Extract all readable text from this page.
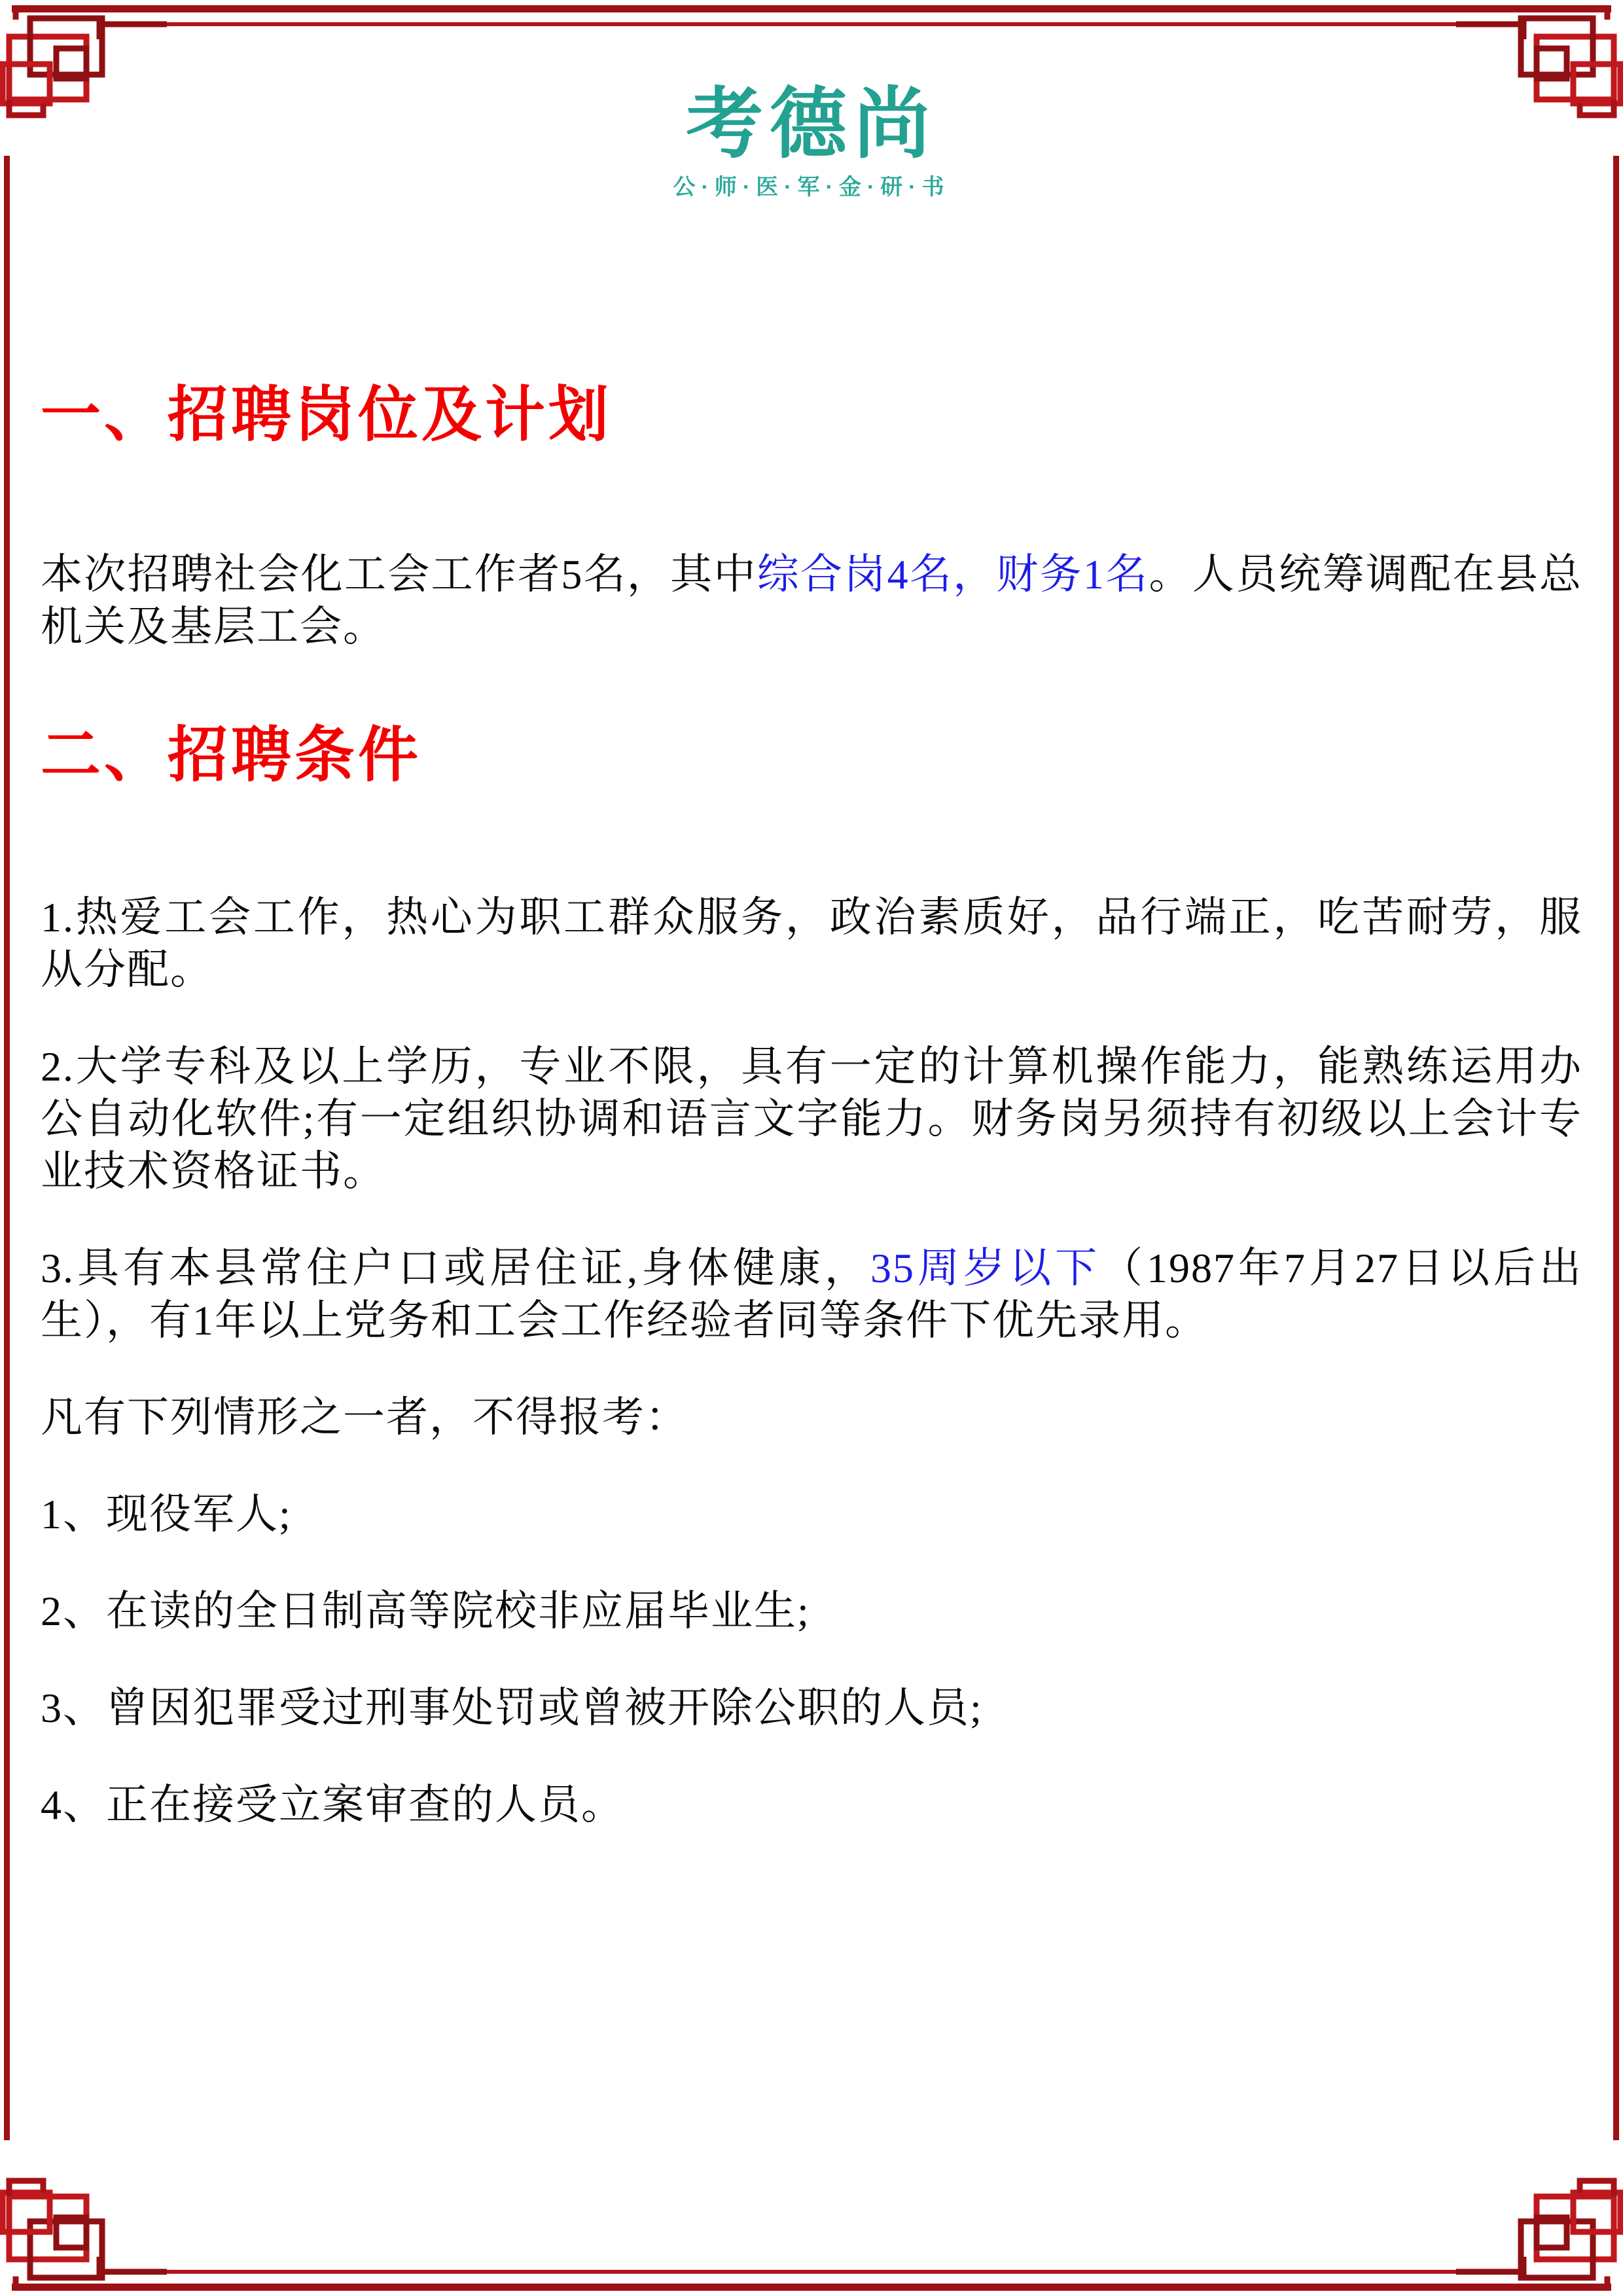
考德尚
公·师·医·军·金·研·书
一、招聘岗位及计划

本次招聘社会化工会工作者5名，其中综合岗4名，财务1名。人员统筹调配在县总机关及基层工会。

二、招聘条件

1.热爱工会工作，热心为职工群众服务，政治素质好，品行端正，吃苦耐劳，服从分配。

2.大学专科及以上学历，专业不限，具有一定的计算机操作能力，能熟练运用办公自动化软件;有一定组织协调和语言文字能力。财务岗另须持有初级以上会计专业技术资格证书。

3.具有本县常住户口或居住证,身体健康，35周岁以下（1987年7月27日以后出生），有1年以上党务和工会工作经验者同等条件下优先录用。

凡有下列情形之一者，不得报考：

1、现役军人;

2、在读的全日制高等院校非应届毕业生;

3、曾因犯罪受过刑事处罚或曾被开除公职的人员;

4、正在接受立案审查的人员。
